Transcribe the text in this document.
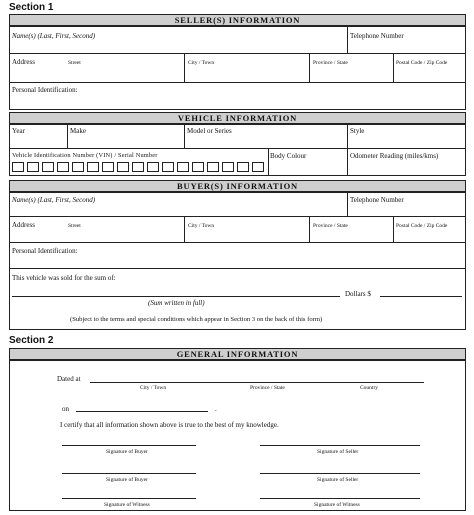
Section 1
SELLER(S) INFORMATION
Name(s) (Last, First, Second)	Telephone Number
Address	Street	City / Town	Province / State	Postal Code / Zip Code
Personal Identification:
VEHICLE INFORMATION
Year	Make	Model or Series	Style
Vehicle Identification Number (VIN) / Serial Number	Body Colour	Odometer Reading (miles/kms)
BUYER(S) INFORMATION
Name(s) (Last, First, Second)	Telephone Number
Address	Street	City / Town	Province / State	Postal Code / Zip Code
Personal Identification:
This vehicle was sold for the sum of:
Dollars $
(Sum written in full)
(Subject to the terms and special conditions which appear in Section 3 on the back of this form)
Section 2
GENERAL INFORMATION
Dated at
City / Town	Province / State	Country
on	.
I certify that all information shown above is true to the best of my knowledge.
Signature of Buyer	Signature of Seller
Signature of Buyer	Signature of Seller
Signature of Witness	Signature of Witness
